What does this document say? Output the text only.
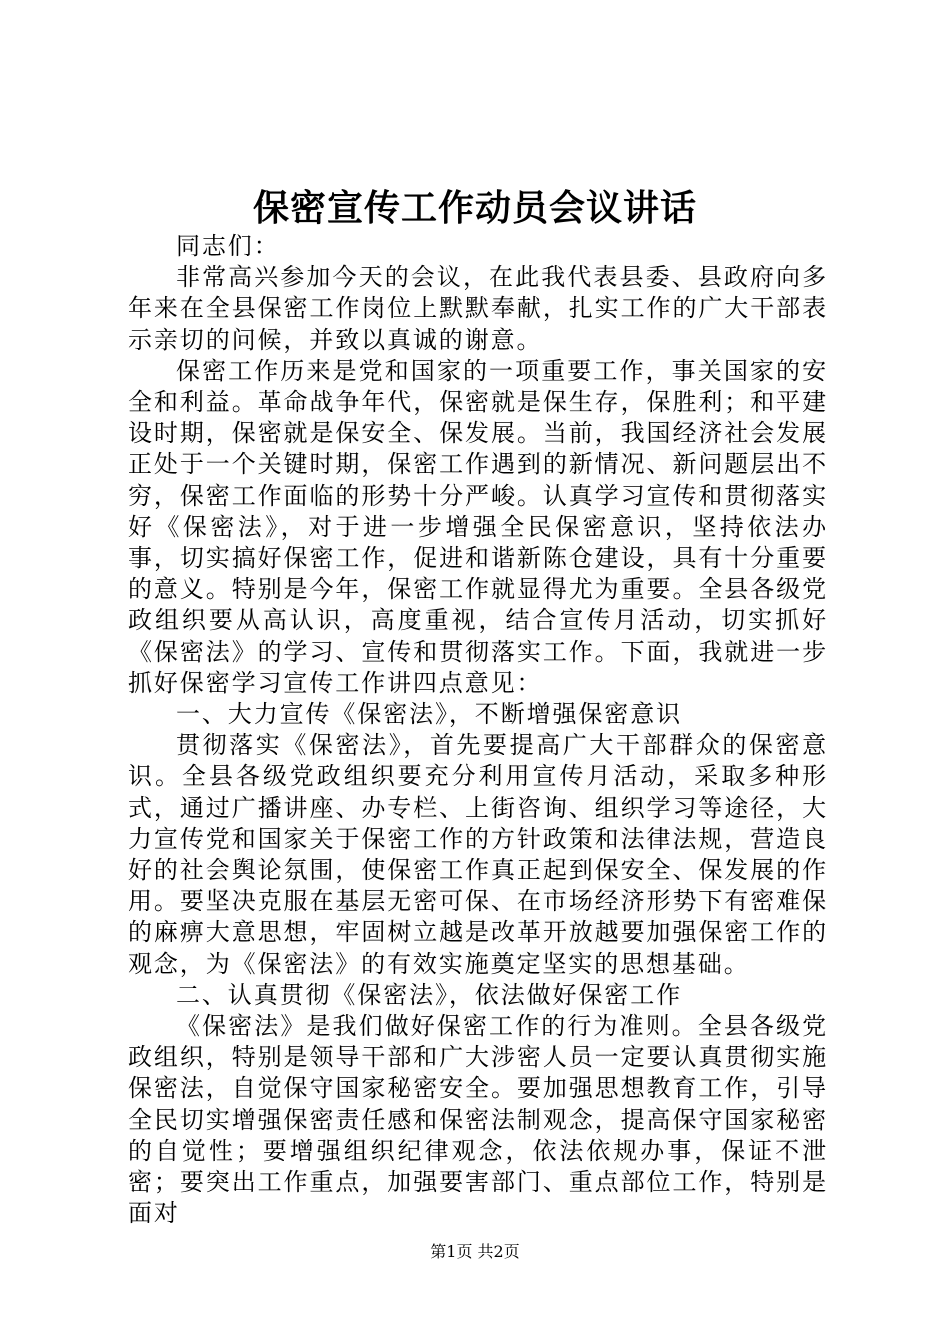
保密宣传工作动员会议讲话

同志们：

非常高兴参加今天的会议，在此我代表县委、县政府向多年来在全县保密工作岗位上默默奉献，扎实工作的广大干部表示亲切的问候，并致以真诚的谢意。

保密工作历来是党和国家的一项重要工作，事关国家的安全和利益。革命战争年代，保密就是保生存，保胜利；和平建设时期，保密就是保安全、保发展。当前，我国经济社会发展正处于一个关键时期，保密工作遇到的新情况、新问题层出不穷，保密工作面临的形势十分严峻。认真学习宣传和贯彻落实好《保密法》，对于进一步增强全民保密意识，坚持依法办事，切实搞好保密工作，促进和谐新陈仓建设，具有十分重要的意义。特别是今年，保密工作就显得尤为重要。全县各级党政组织要从高认识，高度重视，结合宣传月活动，切实抓好《保密法》的学习、宣传和贯彻落实工作。下面，我就进一步抓好保密学习宣传工作讲四点意见：

一、大力宣传《保密法》，不断增强保密意识

贯彻落实《保密法》，首先要提高广大干部群众的保密意识。全县各级党政组织要充分利用宣传月活动，采取多种形式，通过广播讲座、办专栏、上街咨询、组织学习等途径，大力宣传党和国家关于保密工作的方针政策和法律法规，营造良好的社会舆论氛围，使保密工作真正起到保安全、保发展的作用。要坚决克服在基层无密可保、在市场经济形势下有密难保的麻痹大意思想，牢固树立越是改革开放越要加强保密工作的观念，为《保密法》的有效实施奠定坚实的思想基础。

二、认真贯彻《保密法》，依法做好保密工作

《保密法》是我们做好保密工作的行为准则。全县各级党政组织，特别是领导干部和广大涉密人员一定要认真贯彻实施保密法，自觉保守国家秘密安全。要加强思想教育工作，引导全民切实增强保密责任感和保密法制观念，提高保守国家秘密的自觉性；要增强组织纪律观念，依法依规办事，保证不泄密；要突出工作重点，加强要害部门、重点部位工作，特别是面对

第1页 共2页
